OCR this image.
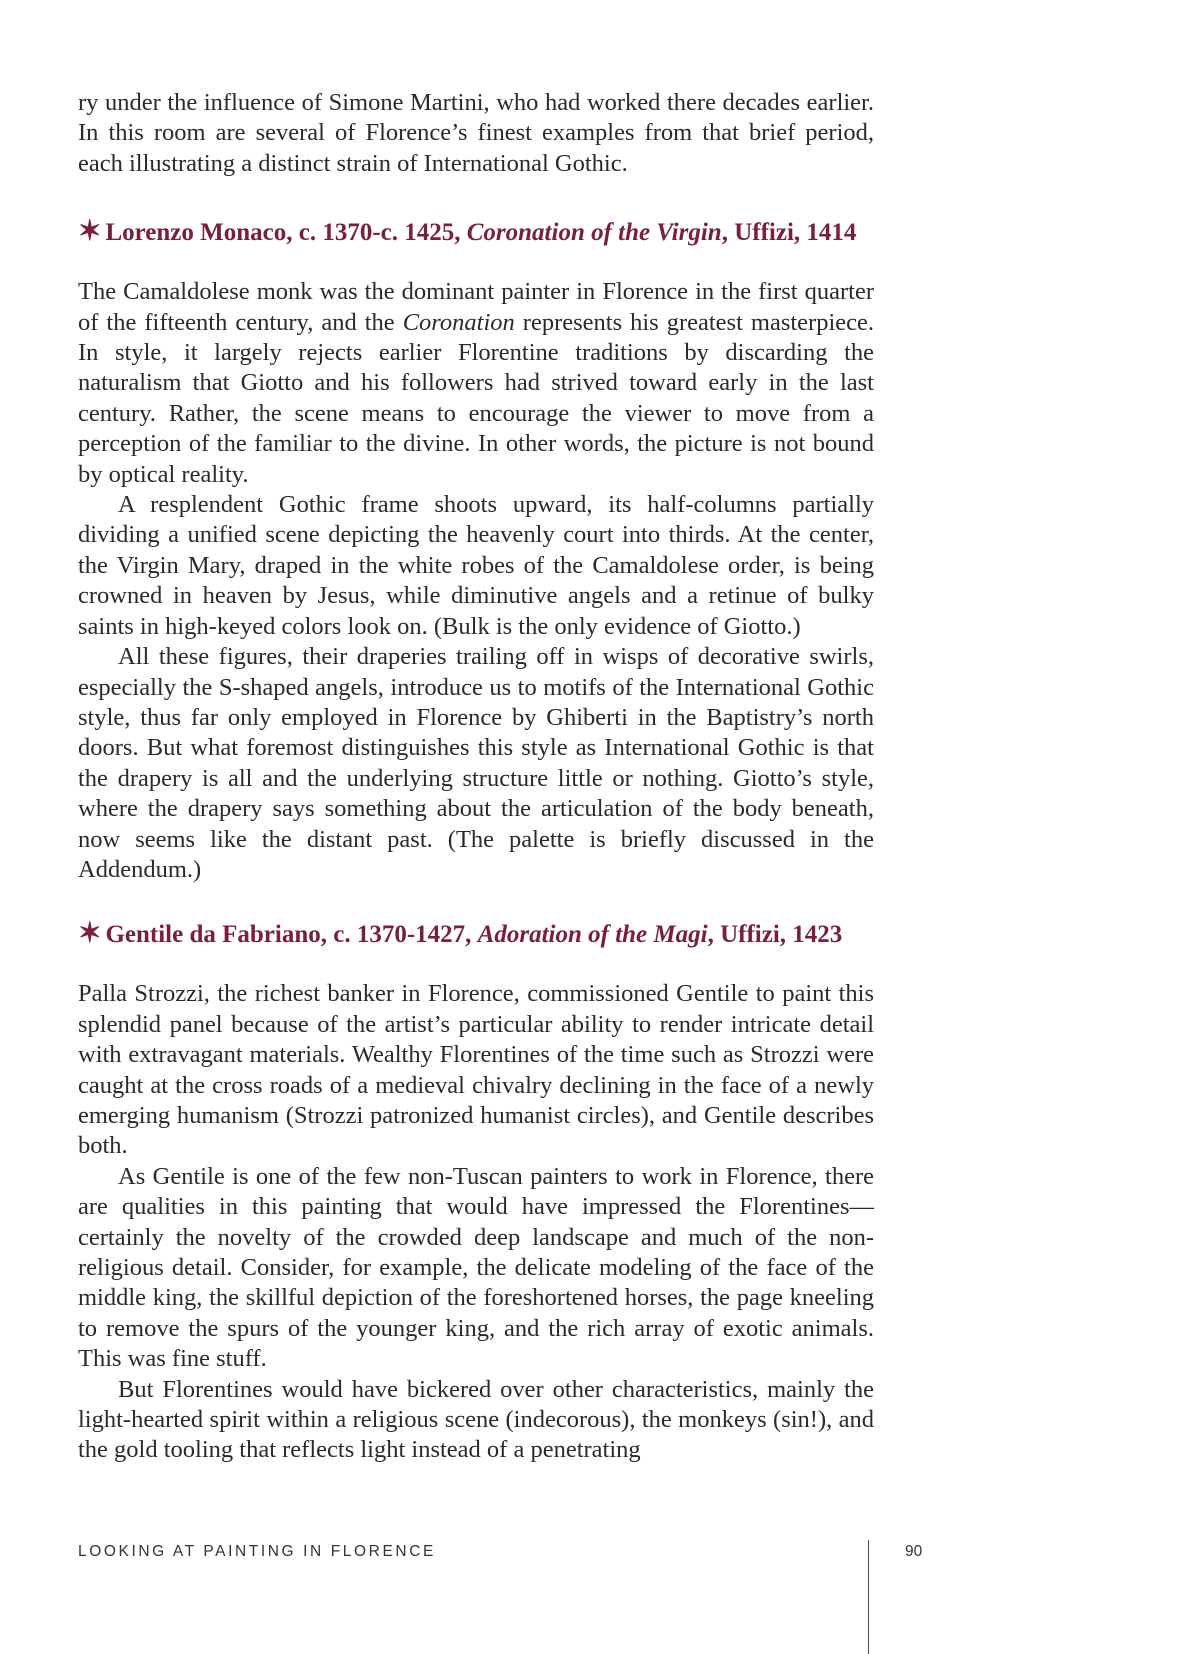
ry under the influence of Simone Martini, who had worked there decades earlier. In this room are several of Florence’s finest examples from that brief period, each illustrating a distinct strain of International Gothic.

✶ Lorenzo Monaco, c. 1370-c. 1425, Coronation of the Virgin, Uffizi, 1414

The Camaldolese monk was the dominant painter in Florence in the first quarter of the fifteenth century, and the Coronation represents his greatest masterpiece. In style, it largely rejects earlier Florentine traditions by discarding the naturalism that Giotto and his followers had strived toward early in the last century. Rather, the scene means to encourage the viewer to move from a perception of the familiar to the divine. In other words, the picture is not bound by optical reality.

A resplendent Gothic frame shoots upward, its half-columns partially dividing a unified scene depicting the heavenly court into thirds. At the center, the Virgin Mary, draped in the white robes of the Camaldolese order, is being crowned in heaven by Jesus, while diminutive angels and a retinue of bulky saints in high-keyed colors look on. (Bulk is the only evidence of Giotto.)

All these figures, their draperies trailing off in wisps of decorative swirls, especially the S-shaped angels, introduce us to motifs of the International Gothic style, thus far only employed in Florence by Ghiberti in the Baptistry’s north doors. But what foremost distinguishes this style as International Gothic is that the drapery is all and the underlying structure little or nothing. Giotto’s style, where the drapery says something about the articulation of the body beneath, now seems like the distant past. (The palette is briefly discussed in the Addendum.)

✶ Gentile da Fabriano, c. 1370-1427, Adoration of the Magi, Uffizi, 1423

Palla Strozzi, the richest banker in Florence, commissioned Gentile to paint this splendid panel because of the artist’s particular ability to render intricate detail with extravagant materials. Wealthy Florentines of the time such as Strozzi were caught at the cross roads of a medieval chivalry declining in the face of a newly emerging humanism (Strozzi patronized humanist circles), and Gentile describes both.

As Gentile is one of the few non-Tuscan painters to work in Florence, there are qualities in this painting that would have impressed the Florentines—certainly the novelty of the crowded deep landscape and much of the non-religious detail. Consider, for example, the delicate modeling of the face of the middle king, the skillful depiction of the foreshortened horses, the page kneeling to remove the spurs of the younger king, and the rich array of exotic animals. This was fine stuff.

But Florentines would have bickered over other characteristics, mainly the light-hearted spirit within a religious scene (indecorous), the monkeys (sin!), and the gold tooling that reflects light instead of a penetrating

LOOKING AT PAINTING IN FLORENCE	90
